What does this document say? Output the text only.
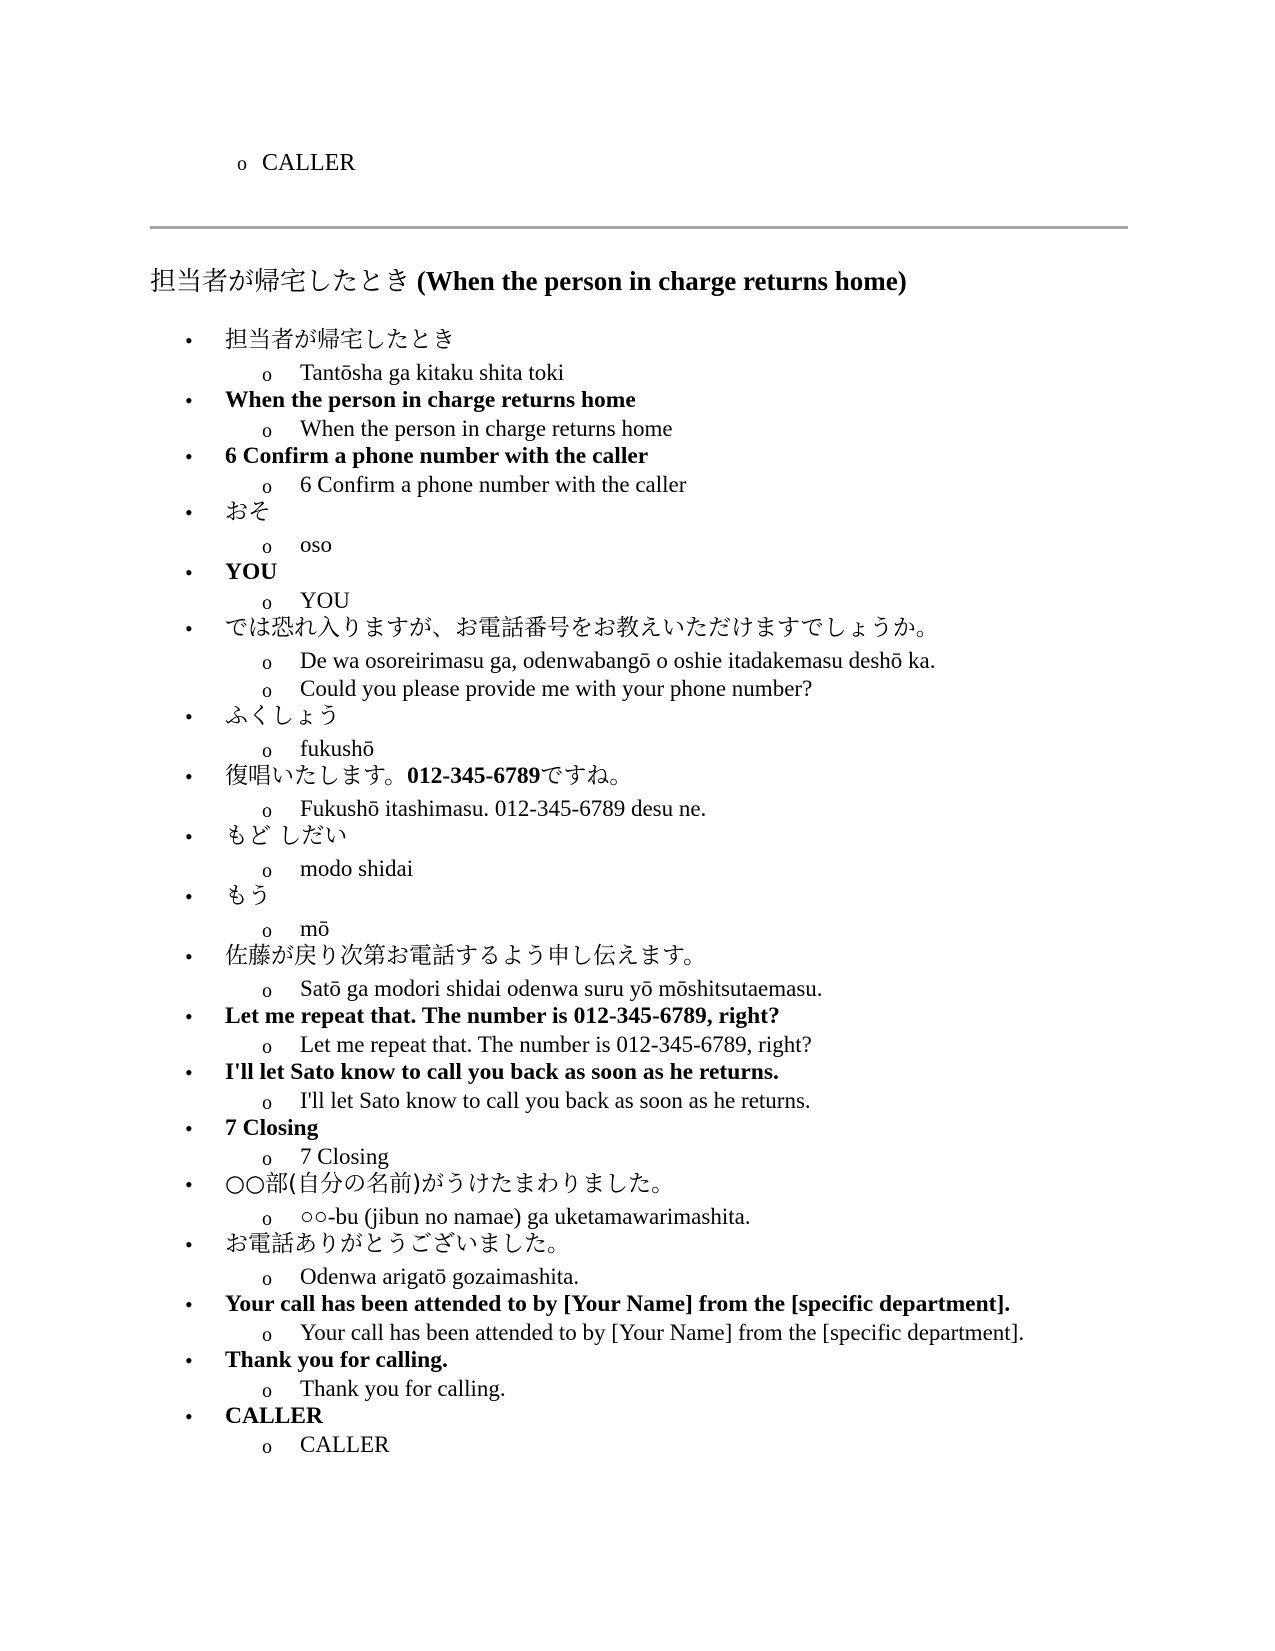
o CALLER
担当者が帰宅したとき (When the person in charge returns home)
• 担当者が帰宅したとき
o Tantōsha ga kitaku shita toki
• When the person in charge returns home
o When the person in charge returns home
• 6 Confirm a phone number with the caller
o 6 Confirm a phone number with the caller
• おそ
o oso
• YOU
o YOU
• では恐れ入りますが、お電話番号をお教えいただけますでしょうか。
o De wa osoreirimasu ga, odenwabangō o oshie itadakemasu deshō ka.
o Could you please provide me with your phone number?
• ふくしょう
o fukushō
• 復唱いたします。012-345-6789ですね。
o Fukushō itashimasu. 012-345-6789 desu ne.
• もど しだい
o modo shidai
• もう
o mō
• 佐藤が戻り次第お電話するよう申し伝えます。
o Satō ga modori shidai odenwa suru yō mōshitsutaemasu.
• Let me repeat that. The number is 012-345-6789, right?
o Let me repeat that. The number is 012-345-6789, right?
• I'll let Sato know to call you back as soon as he returns.
o I'll let Sato know to call you back as soon as he returns.
• 7 Closing
o 7 Closing
• ○○部(自分の名前)がうけたまわりました。
o ○○-bu (jibun no namae) ga uketamawarimashita.
• お電話ありがとうございました。
o Odenwa arigatō gozaimashita.
• Your call has been attended to by [Your Name] from the [specific department].
o Your call has been attended to by [Your Name] from the [specific department].
• Thank you for calling.
o Thank you for calling.
• CALLER
o CALLER
